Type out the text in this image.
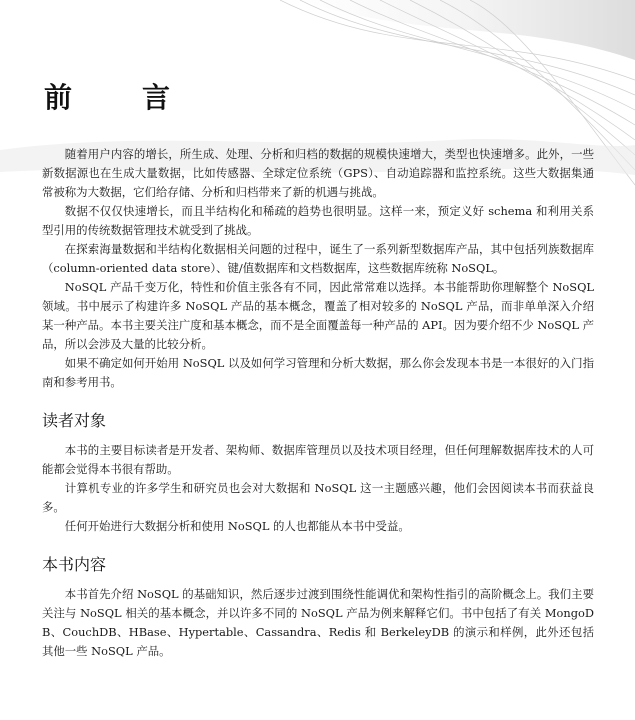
前言

随着用户内容的增长，所生成、处理、分析和归档的数据的规模快速增大，类型也快速增多。此外，一些新数据源也在生成大量数据，比如传感器、全球定位系统（GPS）、自动追踪器和监控系统。这些大数据集通常被称为大数据，它们给存储、分析和归档带来了新的机遇与挑战。

数据不仅仅快速增长，而且半结构化和稀疏的趋势也很明显。这样一来，预定义好 schema 和利用关系型引用的传统数据管理技术就受到了挑战。

在探索海量数据和半结构化数据相关问题的过程中，诞生了一系列新型数据库产品，其中包括列族数据库（column-oriented data store）、键/值数据库和文档数据库，这些数据库统称 NoSQL。

NoSQL 产品千变万化，特性和价值主张各有不同，因此常常难以选择。本书能帮助你理解整个 NoSQL 领域。书中展示了构建许多 NoSQL 产品的基本概念，覆盖了相对较多的 NoSQL 产品，而非单单深入介绍某一种产品。本书主要关注广度和基本概念，而不是全面覆盖每一种产品的 API。因为要介绍不少 NoSQL 产品，所以会涉及大量的比较分析。

如果不确定如何开始用 NoSQL 以及如何学习管理和分析大数据，那么你会发现本书是一本很好的入门指南和参考用书。

读者对象

本书的主要目标读者是开发者、架构师、数据库管理员以及技术项目经理，但任何理解数据库技术的人可能都会觉得本书很有帮助。

计算机专业的许多学生和研究员也会对大数据和 NoSQL 这一主题感兴趣，他们会因阅读本书而获益良多。

任何开始进行大数据分析和使用 NoSQL 的人也都能从本书中受益。

本书内容

本书首先介绍 NoSQL 的基础知识，然后逐步过渡到围绕性能调优和架构性指引的高阶概念上。我们主要关注与 NoSQL 相关的基本概念，并以许多不同的 NoSQL 产品为例来解释它们。书中包括了有关 MongoDB、CouchDB、HBase、Hypertable、Cassandra、Redis 和 BerkeleyDB 的演示和样例，此外还包括其他一些 NoSQL 产品。
